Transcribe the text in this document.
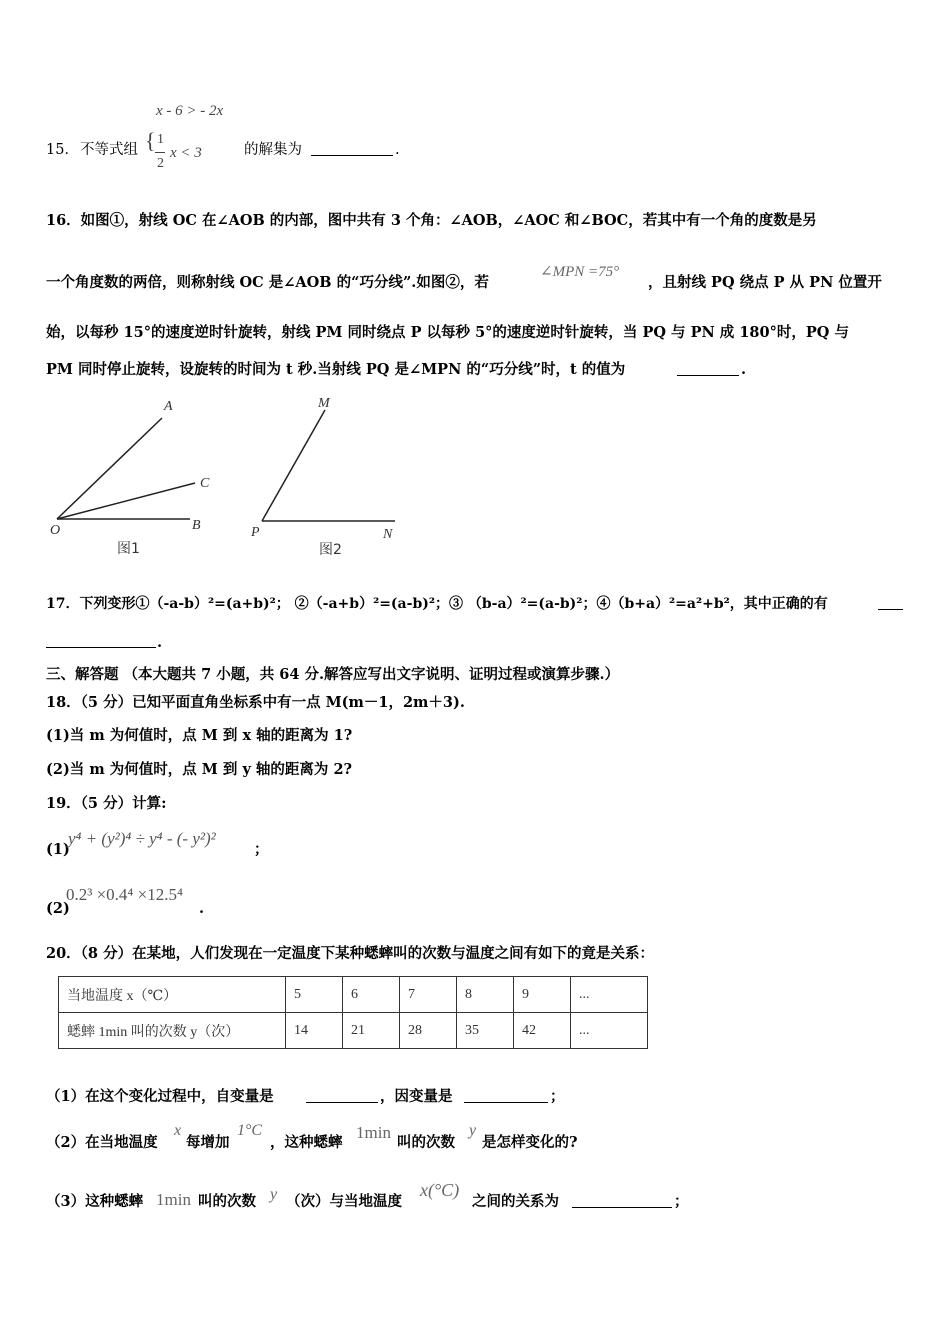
x - 6 > - 2x
15． 不等式组 { 1
2
x < 3	的解集为	.
16．如图①，射线 OC 在∠AOB 的内部，图中共有 3 个角：∠AOB，∠AOC 和∠BOC，若其中有一个角的度数是另
一个角度数的两倍，则称射线 OC 是∠AOB 的“巧分线”.如图②，若
∠MPN =75°
，且射线 PQ 绕点 P 从 PN 位置开
始，以每秒 15°的速度逆时针旋转，射线 PM 同时绕点 P 以每秒 5°的速度逆时针旋转，当 PQ 与 PN 成 180°时，PQ 与
PM 同时停止旋转，设旋转的时间为 t 秒.当射线 PQ 是∠MPN 的“巧分线”时，t 的值为	.
A
C
O	B
图1
M
P	N
图2
17．下列变形①（-a-b）²=(a+b)²； ②（-a+b）²=(a-b)²；③ （b-a）²=(a-b)²；④（b+a）²=a²+b²，其中正确的有
.
三、解答题 （本大题共 7 小题，共 64 分.解答应写出文字说明、证明过程或演算步骤.）
18．（5 分）已知平面直角坐标系中有一点 M(m－1，2m＋3).
(1)当 m 为何值时，点 M 到 x 轴的距离为 1?
(2)当 m 为何值时，点 M 到 y 轴的距离为 2?
19．（5 分）计算:
(1)
y⁴ + (y²)⁴ ÷ y⁴ - (- y²)²
；
(2)
0.2³ ×0.4⁴ ×12.5⁴
.
20．（8 分）在某地，人们发现在一定温度下某种蟋蟀叫的次数与温度之间有如下的竟是关系：
当地温度 x（℃）	5	6	7	8	9	...
蟋蟀 1min 叫的次数 y（次）	14	21	28	35	42	...
（1）在这个变化过程中，自变量是	，因变量是	；
（2）在当地温度
x
每增加
1°C
，这种蟋蟀
1min
叫的次数
y
是怎样变化的?
（3）这种蟋蟀 1min 叫的次数 y （次）与当地温度
x(°C)
之间的关系为	；
